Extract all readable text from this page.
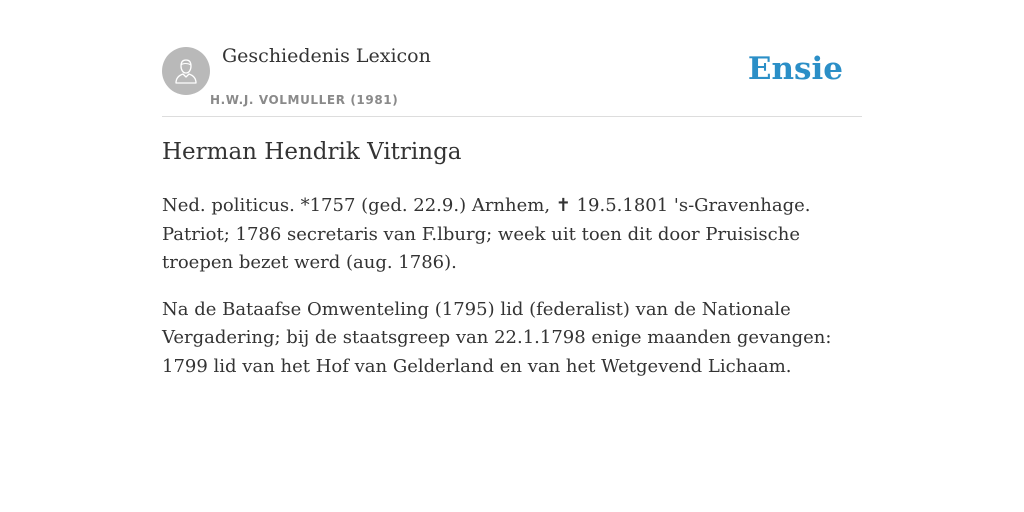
Geschiedenis Lexicon
H.W.J. VOLMULLER (1981)
Ensie
Herman Hendrik Vitringa

Ned. politicus. *1757 (ged. 22.9.) Arnhem, ✝ 19.5.1801 's-Gravenhage. Patriot; 1786 secretaris van F.lburg; week uit toen dit door Pruisische troepen bezet werd (aug. 1786).

Na de Bataafse Omwenteling (1795) lid (federalist) van de Nationale Vergadering; bij de staatsgreep van 22.1.1798 enige maanden gevangen: 1799 lid van het Hof van Gelderland en van het Wetgevend Lichaam.
